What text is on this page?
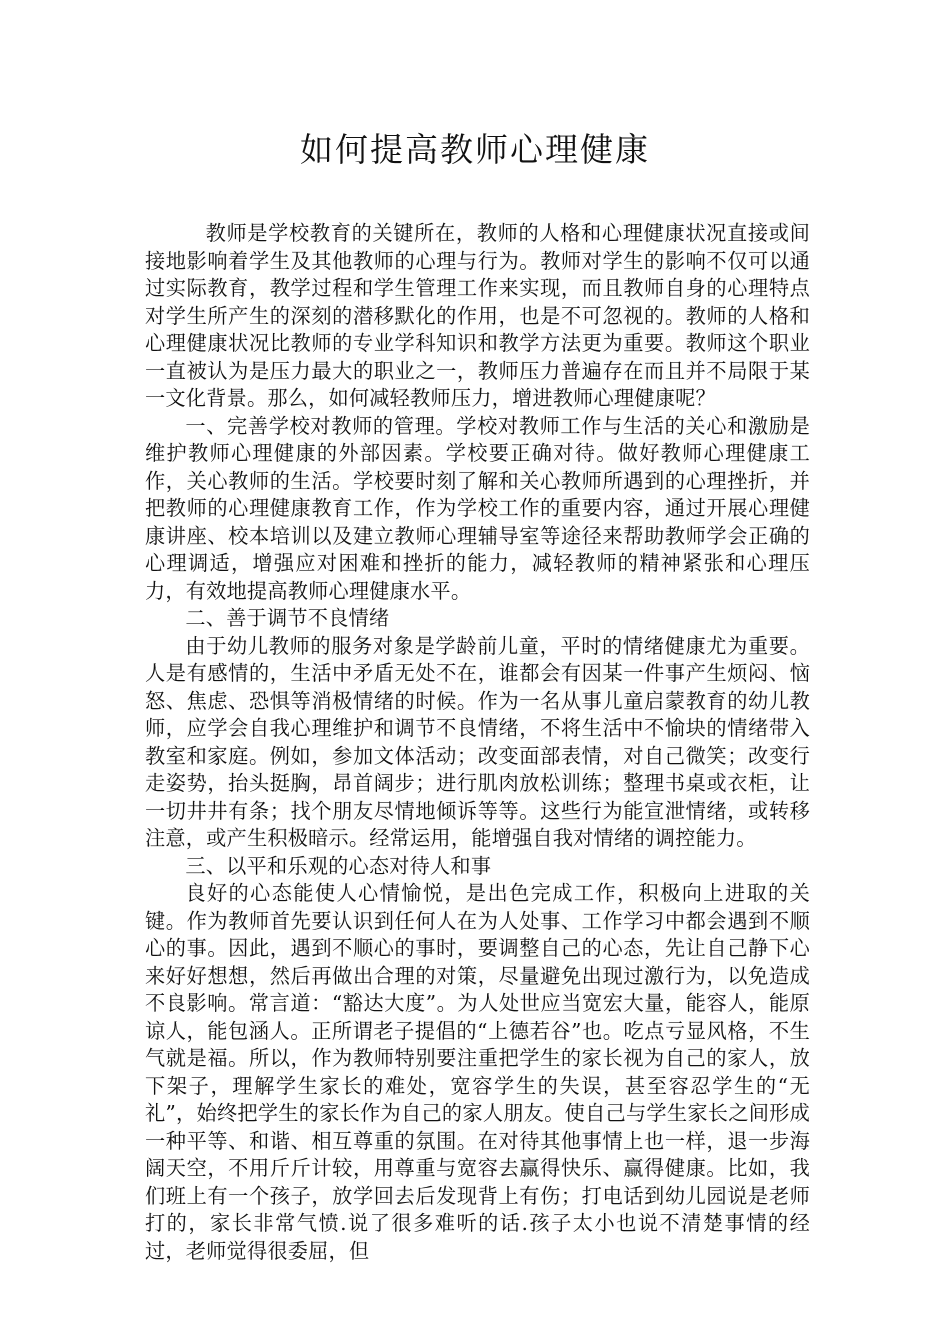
如何提高教师心理健康

教师是学校教育的关键所在，教师的人格和心理健康状况直接或间接地影响着学生及其他教师的心理与行为。教师对学生的影响不仅可以通过实际教育，教学过程和学生管理工作来实现，而且教师自身的心理特点对学生所产生的深刻的潜移默化的作用，也是不可忽视的。教师的人格和心理健康状况比教师的专业学科知识和教学方法更为重要。教师这个职业一直被认为是压力最大的职业之一，教师压力普遍存在而且并不局限于某一文化背景。那么，如何减轻教师压力，增进教师心理健康呢？

一、完善学校对教师的管理。学校对教师工作与生活的关心和激励是维护教师心理健康的外部因素。学校要正确对待。做好教师心理健康工作，关心教师的生活。学校要时刻了解和关心教师所遇到的心理挫折，并把教师的心理健康教育工作，作为学校工作的重要内容，通过开展心理健康讲座、校本培训以及建立教师心理辅导室等途径来帮助教师学会正确的心理调适，增强应对困难和挫折的能力，减轻教师的精神紧张和心理压力，有效地提高教师心理健康水平。

二、善于调节不良情绪

由于幼儿教师的服务对象是学龄前儿童，平时的情绪健康尤为重要。人是有感情的，生活中矛盾无处不在，谁都会有因某一件事产生烦闷、恼怒、焦虑、恐惧等消极情绪的时候。作为一名从事儿童启蒙教育的幼儿教师，应学会自我心理维护和调节不良情绪，不将生活中不愉块的情绪带入教室和家庭。例如，参加文体活动；改变面部表情，对自己微笑；改变行走姿势，抬头挺胸，昂首阔步；进行肌肉放松训练；整理书桌或衣柜，让一切井井有条；找个朋友尽情地倾诉等等。这些行为能宣泄情绪，或转移注意，或产生积极暗示。经常运用，能增强自我对情绪的调控能力。

三、以平和乐观的心态对待人和事

良好的心态能使人心情愉悦，是出色完成工作，积极向上进取的关键。作为教师首先要认识到任何人在为人处事、工作学习中都会遇到不顺心的事。因此，遇到不顺心的事时，要调整自己的心态，先让自己静下心来好好想想，然后再做出合理的对策，尽量避免出现过激行为，以免造成不良影响。常言道：“豁达大度”。为人处世应当宽宏大量，能容人，能原谅人，能包涵人。正所谓老子提倡的“上德若谷”也。吃点亏显风格，不生气就是福。所以，作为教师特别要注重把学生的家长视为自己的家人，放下架子，理解学生家长的难处，宽容学生的失误，甚至容忍学生的“无礼”，始终把学生的家长作为自己的家人朋友。使自己与学生家长之间形成一种平等、和谐、相互尊重的氛围。在对待其他事情上也一样，退一步海阔天空，不用斤斤计较，用尊重与宽容去赢得快乐、赢得健康。比如，我们班上有一个孩子，放学回去后发现背上有伤；打电话到幼儿园说是老师打的，家长非常气愤.说了很多难听的话.孩子太小也说不清楚事情的经过，老师觉得很委屈，但
